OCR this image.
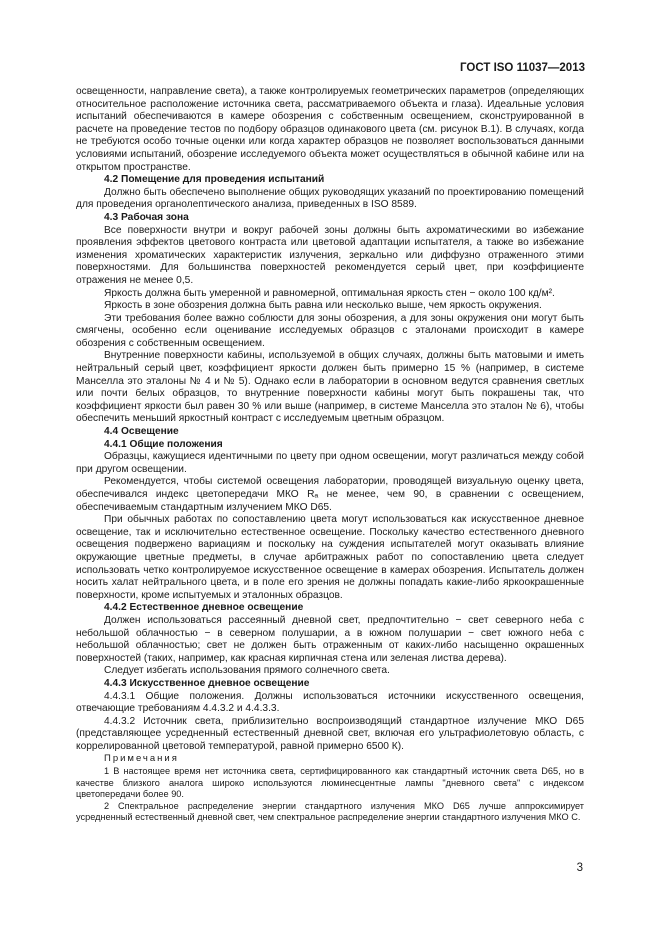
ГОСТ ISO 11037—2013

освещенности, направление света), а также контролируемых геометрических параметров (определяющих относительное расположение источника света, рассматриваемого объекта и глаза). Идеальные условия испытаний обеспечиваются в камере обозрения с собственным освещением, сконструированной в расчете на проведение тестов по подбору образцов одинакового цвета (см. рисунок В.1). В случаях, когда не требуются особо точные оценки или когда характер образцов не позволяет воспользоваться данными условиями испытаний, обозрение исследуемого объекта может осуществляться в обычной кабине или на открытом пространстве.

4.2 Помещение для проведения испытаний

Должно быть обеспечено выполнение общих руководящих указаний по проектированию помещений для проведения органолептического анализа, приведенных в ISO 8589.

4.3 Рабочая зона

Все поверхности внутри и вокруг рабочей зоны должны быть ахроматическими во избежание проявления эффектов цветового контраста или цветовой адаптации испытателя, а также во избежание изменения хроматических характеристик излучения, зеркально или диффузно отраженного этими поверхностями. Для большинства поверхностей рекомендуется серый цвет, при коэффициенте отражения не менее 0,5.

Яркость должна быть умеренной и равномерной, оптимальная яркость стен − около 100 кд/м².

Яркость в зоне обозрения должна быть равна или несколько выше, чем яркость окружения.

Эти требования более важно соблюсти для зоны обозрения, а для зоны окружения они могут быть смягчены, особенно если оценивание исследуемых образцов с эталонами происходит в камере обозрения с собственным освещением.

Внутренние поверхности кабины, используемой в общих случаях, должны быть матовыми и иметь нейтральный серый цвет, коэффициент яркости должен быть примерно 15 % (например, в системе Манселла это эталоны № 4 и № 5). Однако если в лаборатории в основном ведутся сравнения светлых или почти белых образцов, то внутренние поверхности кабины могут быть покрашены так, что коэффициент яркости был равен 30 % или выше (например, в системе Манселла это эталон № 6), чтобы обеспечить меньший яркостный контраст с исследуемым цветным образцом.

4.4 Освещение
4.4.1 Общие положения

Образцы, кажущиеся идентичными по цвету при одном освещении, могут различаться между собой при другом освещении.

Рекомендуется, чтобы системой освещения лаборатории, проводящей визуальную оценку цвета, обеспечивался индекс цветопередачи МКО Rₐ не менее, чем 90, в сравнении с освещением, обеспечиваемым стандартным излучением МКО D65.

При обычных работах по сопоставлению цвета могут использоваться как искусственное дневное освещение, так и исключительно естественное освещение. Поскольку качество естественного дневного освещения подвержено вариациям и поскольку на суждения испытателей могут оказывать влияние окружающие цветные предметы, в случае арбитражных работ по сопоставлению цвета следует использовать четко контролируемое искусственное освещение в камерах обозрения. Испытатель должен носить халат нейтрального цвета, и в поле его зрения не должны попадать какие-либо яркоокрашенные поверхности, кроме испытуемых и эталонных образцов.

4.4.2 Естественное дневное освещение

Должен использоваться рассеянный дневной свет, предпочтительно − свет северного неба с небольшой облачностью − в северном полушарии, а в южном полушарии − свет южного неба с небольшой облачностью; свет не должен быть отраженным от каких-либо насыщенно окрашенных поверхностей (таких, например, как красная кирпичная стена или зеленая листва дерева).

Следует избегать использования прямого солнечного света.

4.4.3 Искусственное дневное освещение

4.4.3.1 Общие положения. Должны использоваться источники искусственного освещения, отвечающие требованиям 4.4.3.2 и 4.4.3.3.

4.4.3.2 Источник света, приблизительно воспроизводящий стандартное излучение МКО D65 (представляющее усредненный естественный дневной свет, включая его ультрафиолетовую область, с коррелированной цветовой температурой, равной примерно 6500 К).

Примечания

1 В настоящее время нет источника света, сертифицированного как стандартный источник света D65, но в качестве близкого аналога широко используются люминесцентные лампы "дневного света" с индексом цветопередачи более 90.

2 Спектральное распределение энергии стандартного излучения МКО D65 лучше аппроксимирует усредненный естественный дневной свет, чем спектральное распределение энергии стандартного излучения МКО С.

3
